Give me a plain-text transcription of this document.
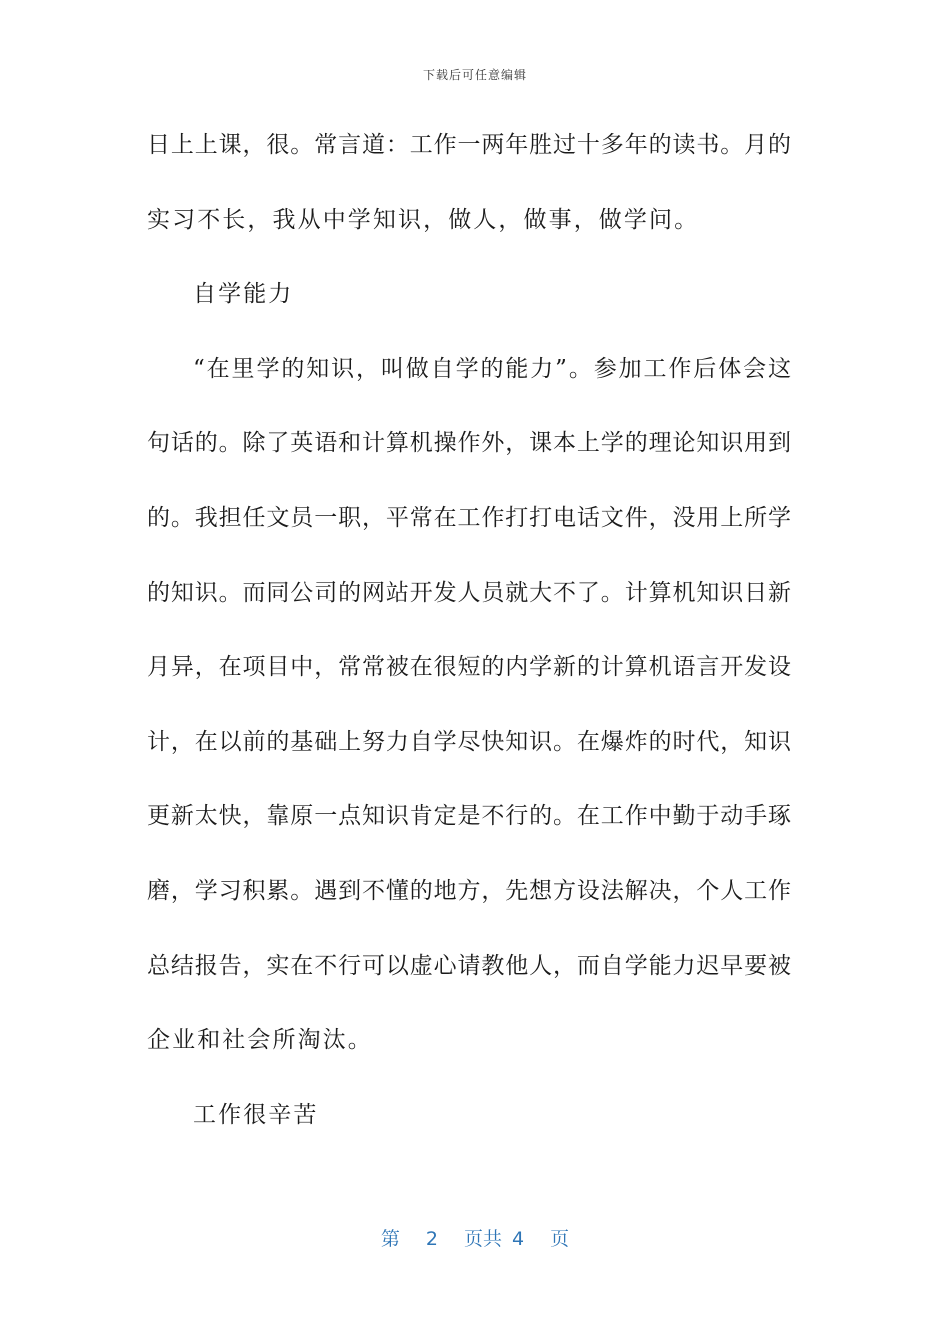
下载后可任意编辑
日上上课，很。常言道：工作一两年胜过十多年的读书。月的
实习不长，我从中学知识，做人，做事，做学问。
自学能力
“在里学的知识，叫做自学的能力”。参加工作后体会这
句话的。除了英语和计算机操作外，课本上学的理论知识用到
的。我担任文员一职，平常在工作打打电话文件，没用上所学
的知识。而同公司的网站开发人员就大不了。计算机知识日新
月异，在项目中，常常被在很短的内学新的计算机语言开发设
计，在以前的基础上努力自学尽快知识。在爆炸的时代，知识
更新太快，靠原一点知识肯定是不行的。在工作中勤于动手琢
磨，学习积累。遇到不懂的地方，先想方设法解决，个人工作
总结报告，实在不行可以虚心请教他人，而自学能力迟早要被
企业和社会所淘汰。
工作很辛苦
第 2 页共 4 页
